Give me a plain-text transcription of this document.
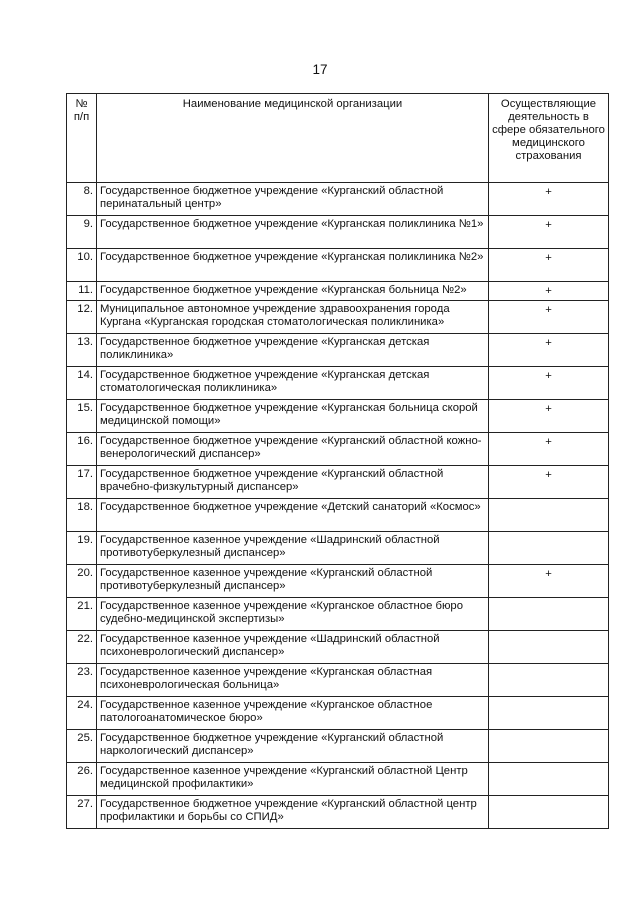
17
№
п/п	Наименование медицинской организации	Осуществляющие деятельность в сфере обязательного медицинского страхования
8.	Государственное бюджетное учреждение «Курганский областной перинатальный центр»	+
9.	Государственное бюджетное учреждение «Курганская поликлиника №1»	+
10.	Государственное бюджетное учреждение «Курганская поликлиника №2»	+
11.	Государственное бюджетное учреждение «Курганская больница №2»	+
12.	Муниципальное автономное учреждение здравоохранения города Кургана «Курганская городская стоматологическая поликлиника»	+
13.	Государственное бюджетное учреждение «Курганская детская поликлиника»	+
14.	Государственное бюджетное учреждение «Курганская детская стоматологическая поликлиника»	+
15.	Государственное бюджетное учреждение «Курганская больница скорой медицинской помощи»	+
16.	Государственное бюджетное учреждение «Курганский областной кожно-венерологический диспансер»	+
17.	Государственное бюджетное учреждение «Курганский областной врачебно-физкультурный диспансер»	+
18.	Государственное бюджетное учреждение «Детский санаторий «Космос»	
19.	Государственное казенное учреждение «Шадринский областной противотуберкулезный диспансер»	
20.	Государственное казенное учреждение «Курганский областной противотуберкулезный диспансер»	+
21.	Государственное казенное учреждение «Курганское областное бюро судебно-медицинской экспертизы»	
22.	Государственное казенное учреждение «Шадринский областной психоневрологический диспансер»	
23.	Государственное казенное учреждение «Курганская областная психоневрологическая больница»	
24.	Государственное казенное учреждение «Курганское областное патологоанатомическое бюро»	
25.	Государственное бюджетное учреждение «Курганский областной наркологический диспансер»	
26.	Государственное казенное учреждение «Курганский областной Центр медицинской профилактики»	
27.	Государственное бюджетное учреждение «Курганский областной центр профилактики и борьбы со СПИД»	
